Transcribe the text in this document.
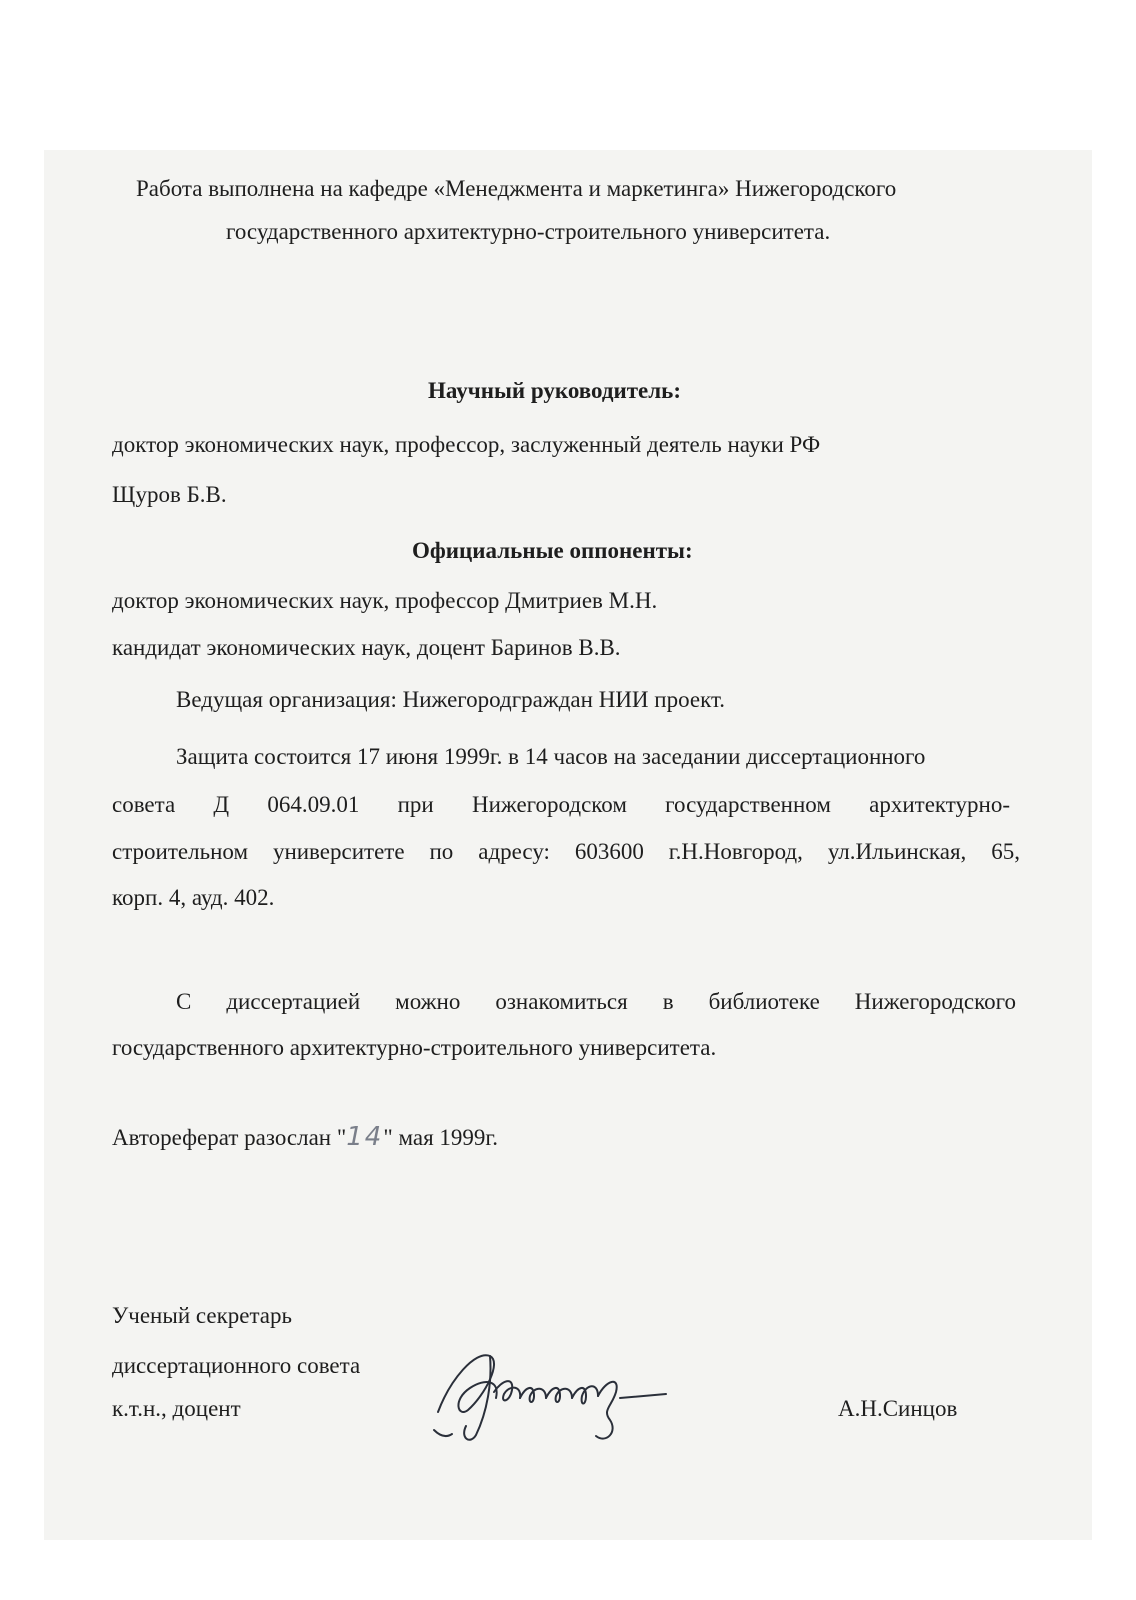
Работа выполнена на кафедре «Менеджмента и маркетинга» Нижегородского
государственного архитектурно-строительного университета.
Научный руководитель:
доктор экономических наук, профессор, заслуженный деятель науки РФ
Щуров Б.В.
Официальные оппоненты:
доктор экономических наук, профессор Дмитриев М.Н.
кандидат экономических наук, доцент Баринов В.В.
Ведущая организация: Нижегородграждан НИИ проект.
Защита состоится 17 июня 1999г. в 14 часов на заседании диссертационного
совета Д 064.09.01 при Нижегородском государственном архитектурно-
строительном университете по адресу: 603600 г.Н.Новгород, ул.Ильинская, 65,
корп. 4, ауд. 402.
С диссертацией можно ознакомиться в библиотеке Нижегородского
государственного архитектурно-строительного университета.
Автореферат разослан "14" мая 1999г.
Ученый секретарь
диссертационного совета
к.т.н., доцент	А.Н.Синцов
